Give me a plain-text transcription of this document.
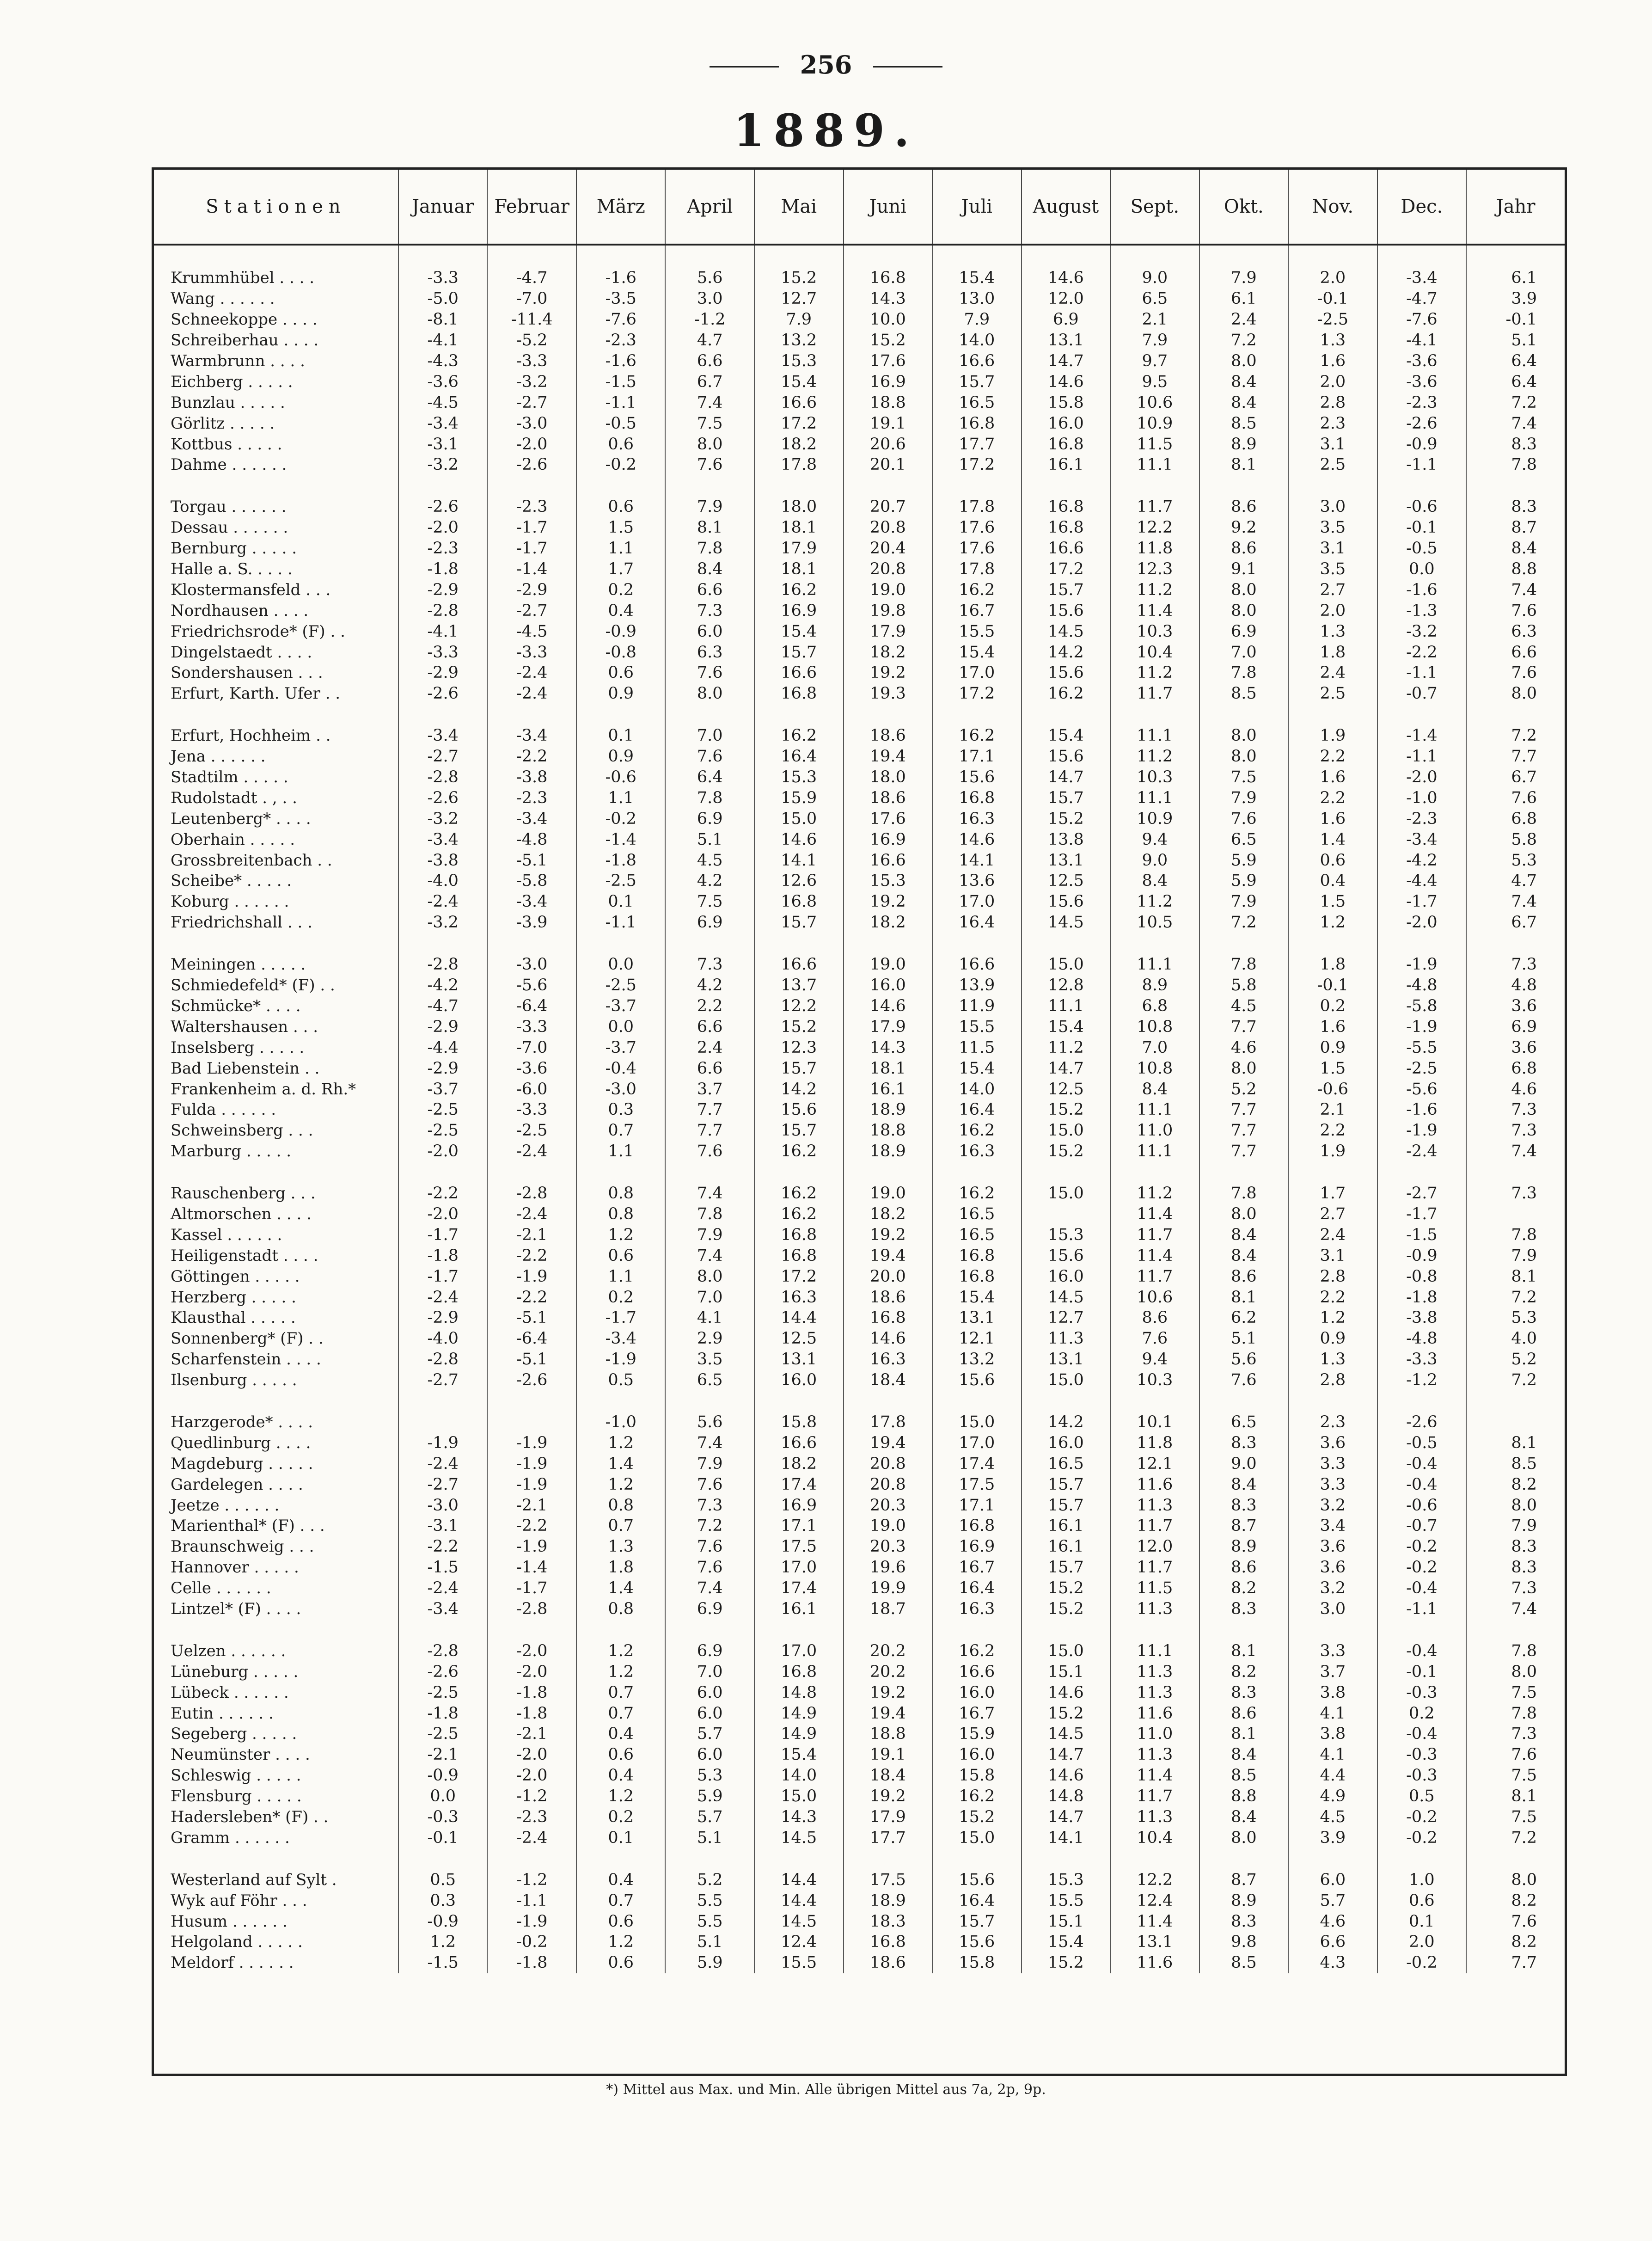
256
1889.
Stationen	Januar	Februar	März	April	Mai	Juni	Juli	August	Sept.	Okt.	Nov.	Dec.	Jahr

Krummhübel . . . .	-3.3	-4.7	-1.6	5.6	15.2	16.8	15.4	14.6	9.0	7.9	2.0	-3.4	6.1
Wang . . . . . .	-5.0	-7.0	-3.5	3.0	12.7	14.3	13.0	12.0	6.5	6.1	-0.1	-4.7	3.9
Schneekoppe . . . .	-8.1	-11.4	-7.6	-1.2	7.9	10.0	7.9	6.9	2.1	2.4	-2.5	-7.6	-0.1
Schreiberhau . . . .	-4.1	-5.2	-2.3	4.7	13.2	15.2	14.0	13.1	7.9	7.2	1.3	-4.1	5.1
Warmbrunn . . . .	-4.3	-3.3	-1.6	6.6	15.3	17.6	16.6	14.7	9.7	8.0	1.6	-3.6	6.4
Eichberg . . . . .	-3.6	-3.2	-1.5	6.7	15.4	16.9	15.7	14.6	9.5	8.4	2.0	-3.6	6.4
Bunzlau . . . . .	-4.5	-2.7	-1.1	7.4	16.6	18.8	16.5	15.8	10.6	8.4	2.8	-2.3	7.2
Görlitz . . . . .	-3.4	-3.0	-0.5	7.5	17.2	19.1	16.8	16.0	10.9	8.5	2.3	-2.6	7.4
Kottbus . . . . .	-3.1	-2.0	0.6	8.0	18.2	20.6	17.7	16.8	11.5	8.9	3.1	-0.9	8.3
Dahme . . . . . .	-3.2	-2.6	-0.2	7.6	17.8	20.1	17.2	16.1	11.1	8.1	2.5	-1.1	7.8

Torgau . . . . . .	-2.6	-2.3	0.6	7.9	18.0	20.7	17.8	16.8	11.7	8.6	3.0	-0.6	8.3
Dessau . . . . . .	-2.0	-1.7	1.5	8.1	18.1	20.8	17.6	16.8	12.2	9.2	3.5	-0.1	8.7
Bernburg . . . . .	-2.3	-1.7	1.1	7.8	17.9	20.4	17.6	16.6	11.8	8.6	3.1	-0.5	8.4
Halle a. S. . . . .	-1.8	-1.4	1.7	8.4	18.1	20.8	17.8	17.2	12.3	9.1	3.5	0.0	8.8
Klostermansfeld . . .	-2.9	-2.9	0.2	6.6	16.2	19.0	16.2	15.7	11.2	8.0	2.7	-1.6	7.4
Nordhausen . . . .	-2.8	-2.7	0.4	7.3	16.9	19.8	16.7	15.6	11.4	8.0	2.0	-1.3	7.6
Friedrichsrode* (F) . .	-4.1	-4.5	-0.9	6.0	15.4	17.9	15.5	14.5	10.3	6.9	1.3	-3.2	6.3
Dingelstaedt . . . .	-3.3	-3.3	-0.8	6.3	15.7	18.2	15.4	14.2	10.4	7.0	1.8	-2.2	6.6
Sondershausen . . .	-2.9	-2.4	0.6	7.6	16.6	19.2	17.0	15.6	11.2	7.8	2.4	-1.1	7.6
Erfurt, Karth. Ufer . .	-2.6	-2.4	0.9	8.0	16.8	19.3	17.2	16.2	11.7	8.5	2.5	-0.7	8.0

Erfurt, Hochheim . .	-3.4	-3.4	0.1	7.0	16.2	18.6	16.2	15.4	11.1	8.0	1.9	-1.4	7.2
Jena . . . . . .	-2.7	-2.2	0.9	7.6	16.4	19.4	17.1	15.6	11.2	8.0	2.2	-1.1	7.7
Stadtilm . . . . .	-2.8	-3.8	-0.6	6.4	15.3	18.0	15.6	14.7	10.3	7.5	1.6	-2.0	6.7
Rudolstadt . , . .	-2.6	-2.3	1.1	7.8	15.9	18.6	16.8	15.7	11.1	7.9	2.2	-1.0	7.6
Leutenberg* . . . .	-3.2	-3.4	-0.2	6.9	15.0	17.6	16.3	15.2	10.9	7.6	1.6	-2.3	6.8
Oberhain . . . . .	-3.4	-4.8	-1.4	5.1	14.6	16.9	14.6	13.8	9.4	6.5	1.4	-3.4	5.8
Grossbreitenbach . .	-3.8	-5.1	-1.8	4.5	14.1	16.6	14.1	13.1	9.0	5.9	0.6	-4.2	5.3
Scheibe* . . . . .	-4.0	-5.8	-2.5	4.2	12.6	15.3	13.6	12.5	8.4	5.9	0.4	-4.4	4.7
Koburg . . . . . .	-2.4	-3.4	0.1	7.5	16.8	19.2	17.0	15.6	11.2	7.9	1.5	-1.7	7.4
Friedrichshall . . .	-3.2	-3.9	-1.1	6.9	15.7	18.2	16.4	14.5	10.5	7.2	1.2	-2.0	6.7

Meiningen . . . . .	-2.8	-3.0	0.0	7.3	16.6	19.0	16.6	15.0	11.1	7.8	1.8	-1.9	7.3
Schmiedefeld* (F) . .	-4.2	-5.6	-2.5	4.2	13.7	16.0	13.9	12.8	8.9	5.8	-0.1	-4.8	4.8
Schmücke* . . . .	-4.7	-6.4	-3.7	2.2	12.2	14.6	11.9	11.1	6.8	4.5	0.2	-5.8	3.6
Waltershausen . . .	-2.9	-3.3	0.0	6.6	15.2	17.9	15.5	15.4	10.8	7.7	1.6	-1.9	6.9
Inselsberg . . . . .	-4.4	-7.0	-3.7	2.4	12.3	14.3	11.5	11.2	7.0	4.6	0.9	-5.5	3.6
Bad Liebenstein . .	-2.9	-3.6	-0.4	6.6	15.7	18.1	15.4	14.7	10.8	8.0	1.5	-2.5	6.8
Frankenheim a. d. Rh.*	-3.7	-6.0	-3.0	3.7	14.2	16.1	14.0	12.5	8.4	5.2	-0.6	-5.6	4.6
Fulda . . . . . .	-2.5	-3.3	0.3	7.7	15.6	18.9	16.4	15.2	11.1	7.7	2.1	-1.6	7.3
Schweinsberg . . .	-2.5	-2.5	0.7	7.7	15.7	18.8	16.2	15.0	11.0	7.7	2.2	-1.9	7.3
Marburg . . . . .	-2.0	-2.4	1.1	7.6	16.2	18.9	16.3	15.2	11.1	7.7	1.9	-2.4	7.4

Rauschenberg . . .	-2.2	-2.8	0.8	7.4	16.2	19.0	16.2	15.0	11.2	7.8	1.7	-2.7	7.3
Altmorschen . . . .	-2.0	-2.4	0.8	7.8	16.2	18.2	16.5		11.4	8.0	2.7	-1.7	
Kassel . . . . . .	-1.7	-2.1	1.2	7.9	16.8	19.2	16.5	15.3	11.7	8.4	2.4	-1.5	7.8
Heiligenstadt . . . .	-1.8	-2.2	0.6	7.4	16.8	19.4	16.8	15.6	11.4	8.4	3.1	-0.9	7.9
Göttingen . . . . .	-1.7	-1.9	1.1	8.0	17.2	20.0	16.8	16.0	11.7	8.6	2.8	-0.8	8.1
Herzberg . . . . .	-2.4	-2.2	0.2	7.0	16.3	18.6	15.4	14.5	10.6	8.1	2.2	-1.8	7.2
Klausthal . . . . .	-2.9	-5.1	-1.7	4.1	14.4	16.8	13.1	12.7	8.6	6.2	1.2	-3.8	5.3
Sonnenberg* (F) . .	-4.0	-6.4	-3.4	2.9	12.5	14.6	12.1	11.3	7.6	5.1	0.9	-4.8	4.0
Scharfenstein . . . .	-2.8	-5.1	-1.9	3.5	13.1	16.3	13.2	13.1	9.4	5.6	1.3	-3.3	5.2
Ilsenburg . . . . .	-2.7	-2.6	0.5	6.5	16.0	18.4	15.6	15.0	10.3	7.6	2.8	-1.2	7.2

Harzgerode* . . . .			-1.0	5.6	15.8	17.8	15.0	14.2	10.1	6.5	2.3	-2.6	
Quedlinburg . . . .	-1.9	-1.9	1.2	7.4	16.6	19.4	17.0	16.0	11.8	8.3	3.6	-0.5	8.1
Magdeburg . . . . .	-2.4	-1.9	1.4	7.9	18.2	20.8	17.4	16.5	12.1	9.0	3.3	-0.4	8.5
Gardelegen . . . .	-2.7	-1.9	1.2	7.6	17.4	20.8	17.5	15.7	11.6	8.4	3.3	-0.4	8.2
Jeetze . . . . . .	-3.0	-2.1	0.8	7.3	16.9	20.3	17.1	15.7	11.3	8.3	3.2	-0.6	8.0
Marienthal* (F) . . .	-3.1	-2.2	0.7	7.2	17.1	19.0	16.8	16.1	11.7	8.7	3.4	-0.7	7.9
Braunschweig . . .	-2.2	-1.9	1.3	7.6	17.5	20.3	16.9	16.1	12.0	8.9	3.6	-0.2	8.3
Hannover . . . . .	-1.5	-1.4	1.8	7.6	17.0	19.6	16.7	15.7	11.7	8.6	3.6	-0.2	8.3
Celle . . . . . .	-2.4	-1.7	1.4	7.4	17.4	19.9	16.4	15.2	11.5	8.2	3.2	-0.4	7.3
Lintzel* (F) . . . .	-3.4	-2.8	0.8	6.9	16.1	18.7	16.3	15.2	11.3	8.3	3.0	-1.1	7.4

Uelzen . . . . . .	-2.8	-2.0	1.2	6.9	17.0	20.2	16.2	15.0	11.1	8.1	3.3	-0.4	7.8
Lüneburg . . . . .	-2.6	-2.0	1.2	7.0	16.8	20.2	16.6	15.1	11.3	8.2	3.7	-0.1	8.0
Lübeck . . . . . .	-2.5	-1.8	0.7	6.0	14.8	19.2	16.0	14.6	11.3	8.3	3.8	-0.3	7.5
Eutin . . . . . .	-1.8	-1.8	0.7	6.0	14.9	19.4	16.7	15.2	11.6	8.6	4.1	0.2	7.8
Segeberg . . . . .	-2.5	-2.1	0.4	5.7	14.9	18.8	15.9	14.5	11.0	8.1	3.8	-0.4	7.3
Neumünster . . . .	-2.1	-2.0	0.6	6.0	15.4	19.1	16.0	14.7	11.3	8.4	4.1	-0.3	7.6
Schleswig . . . . .	-0.9	-2.0	0.4	5.3	14.0	18.4	15.8	14.6	11.4	8.5	4.4	-0.3	7.5
Flensburg . . . . .	0.0	-1.2	1.2	5.9	15.0	19.2	16.2	14.8	11.7	8.8	4.9	0.5	8.1
Hadersleben* (F) . .	-0.3	-2.3	0.2	5.7	14.3	17.9	15.2	14.7	11.3	8.4	4.5	-0.2	7.5
Gramm . . . . . .	-0.1	-2.4	0.1	5.1	14.5	17.7	15.0	14.1	10.4	8.0	3.9	-0.2	7.2

Westerland auf Sylt .	0.5	-1.2	0.4	5.2	14.4	17.5	15.6	15.3	12.2	8.7	6.0	1.0	8.0
Wyk auf Föhr . . .	0.3	-1.1	0.7	5.5	14.4	18.9	16.4	15.5	12.4	8.9	5.7	0.6	8.2
Husum . . . . . .	-0.9	-1.9	0.6	5.5	14.5	18.3	15.7	15.1	11.4	8.3	4.6	0.1	7.6
Helgoland . . . . .	1.2	-0.2	1.2	5.1	12.4	16.8	15.6	15.4	13.1	9.8	6.6	2.0	8.2
Meldorf . . . . . .	-1.5	-1.8	0.6	5.9	15.5	18.6	15.8	15.2	11.6	8.5	4.3	-0.2	7.7
*) Mittel aus Max. und Min. Alle übrigen Mittel aus 7a, 2p, 9p.
